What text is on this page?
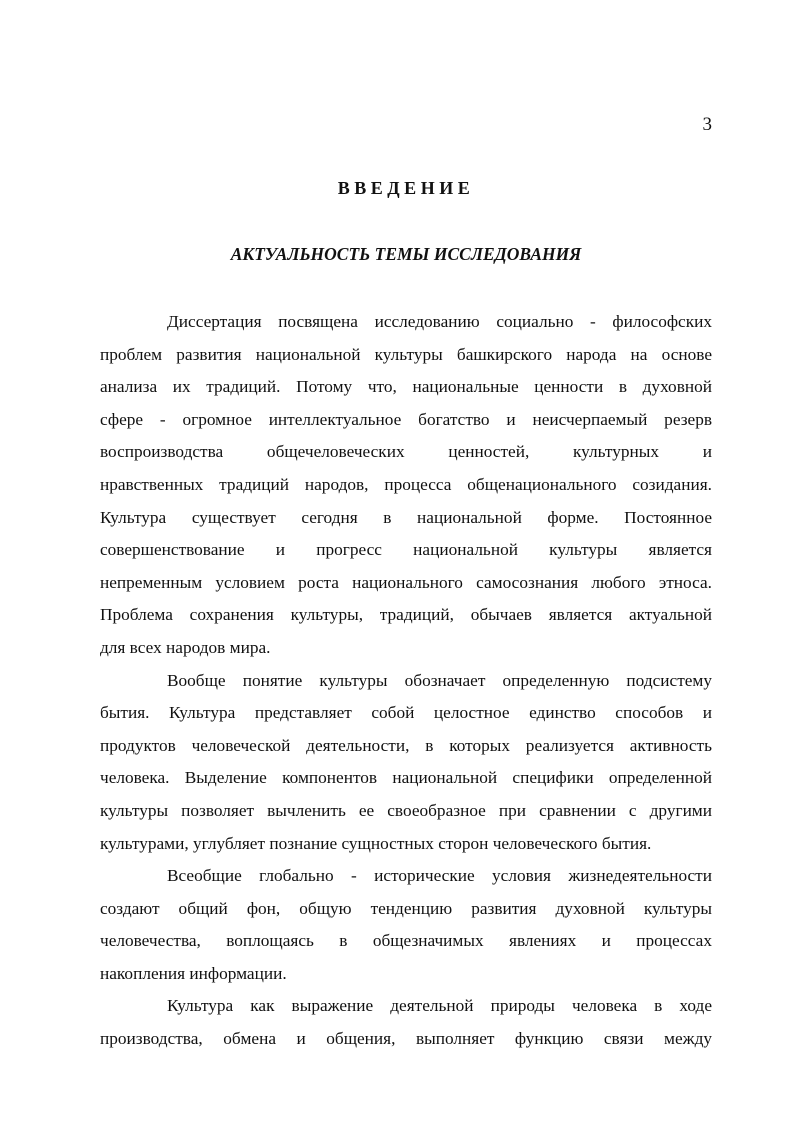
3
ВВЕДЕНИЕ
АКТУАЛЬНОСТЬ ТЕМЫ ИССЛЕДОВАНИЯ
Диссертация посвящена исследованию социально - философских
проблем развития национальной культуры башкирского народа на основе
анализа их традиций. Потому что, национальные ценности в духовной
сфере - огромное интеллектуальное богатство и неисчерпаемый резерв
воспроизводства общечеловеческих ценностей, культурных и
нравственных традиций народов, процесса общенационального созидания.
Культура существует сегодня в национальной форме. Постоянное
совершенствование и прогресс национальной культуры является
непременным условием роста национального самосознания любого этноса.
Проблема сохранения культуры, традиций, обычаев является актуальной
для всех народов мира.
Вообще понятие культуры обозначает определенную подсистему
бытия. Культура представляет собой целостное единство способов и
продуктов человеческой деятельности, в которых реализуется активность
человека. Выделение компонентов национальной специфики определенной
культуры позволяет вычленить ее своеобразное при сравнении с другими
культурами, углубляет познание сущностных сторон человеческого бытия.
Всеобщие глобально - исторические условия жизнедеятельности
создают общий фон, общую тенденцию развития духовной культуры
человечества, воплощаясь в общезначимых явлениях и процессах
накопления информации.
Культура как выражение деятельной природы человека в ходе
производства, обмена и общения, выполняет функцию связи между
